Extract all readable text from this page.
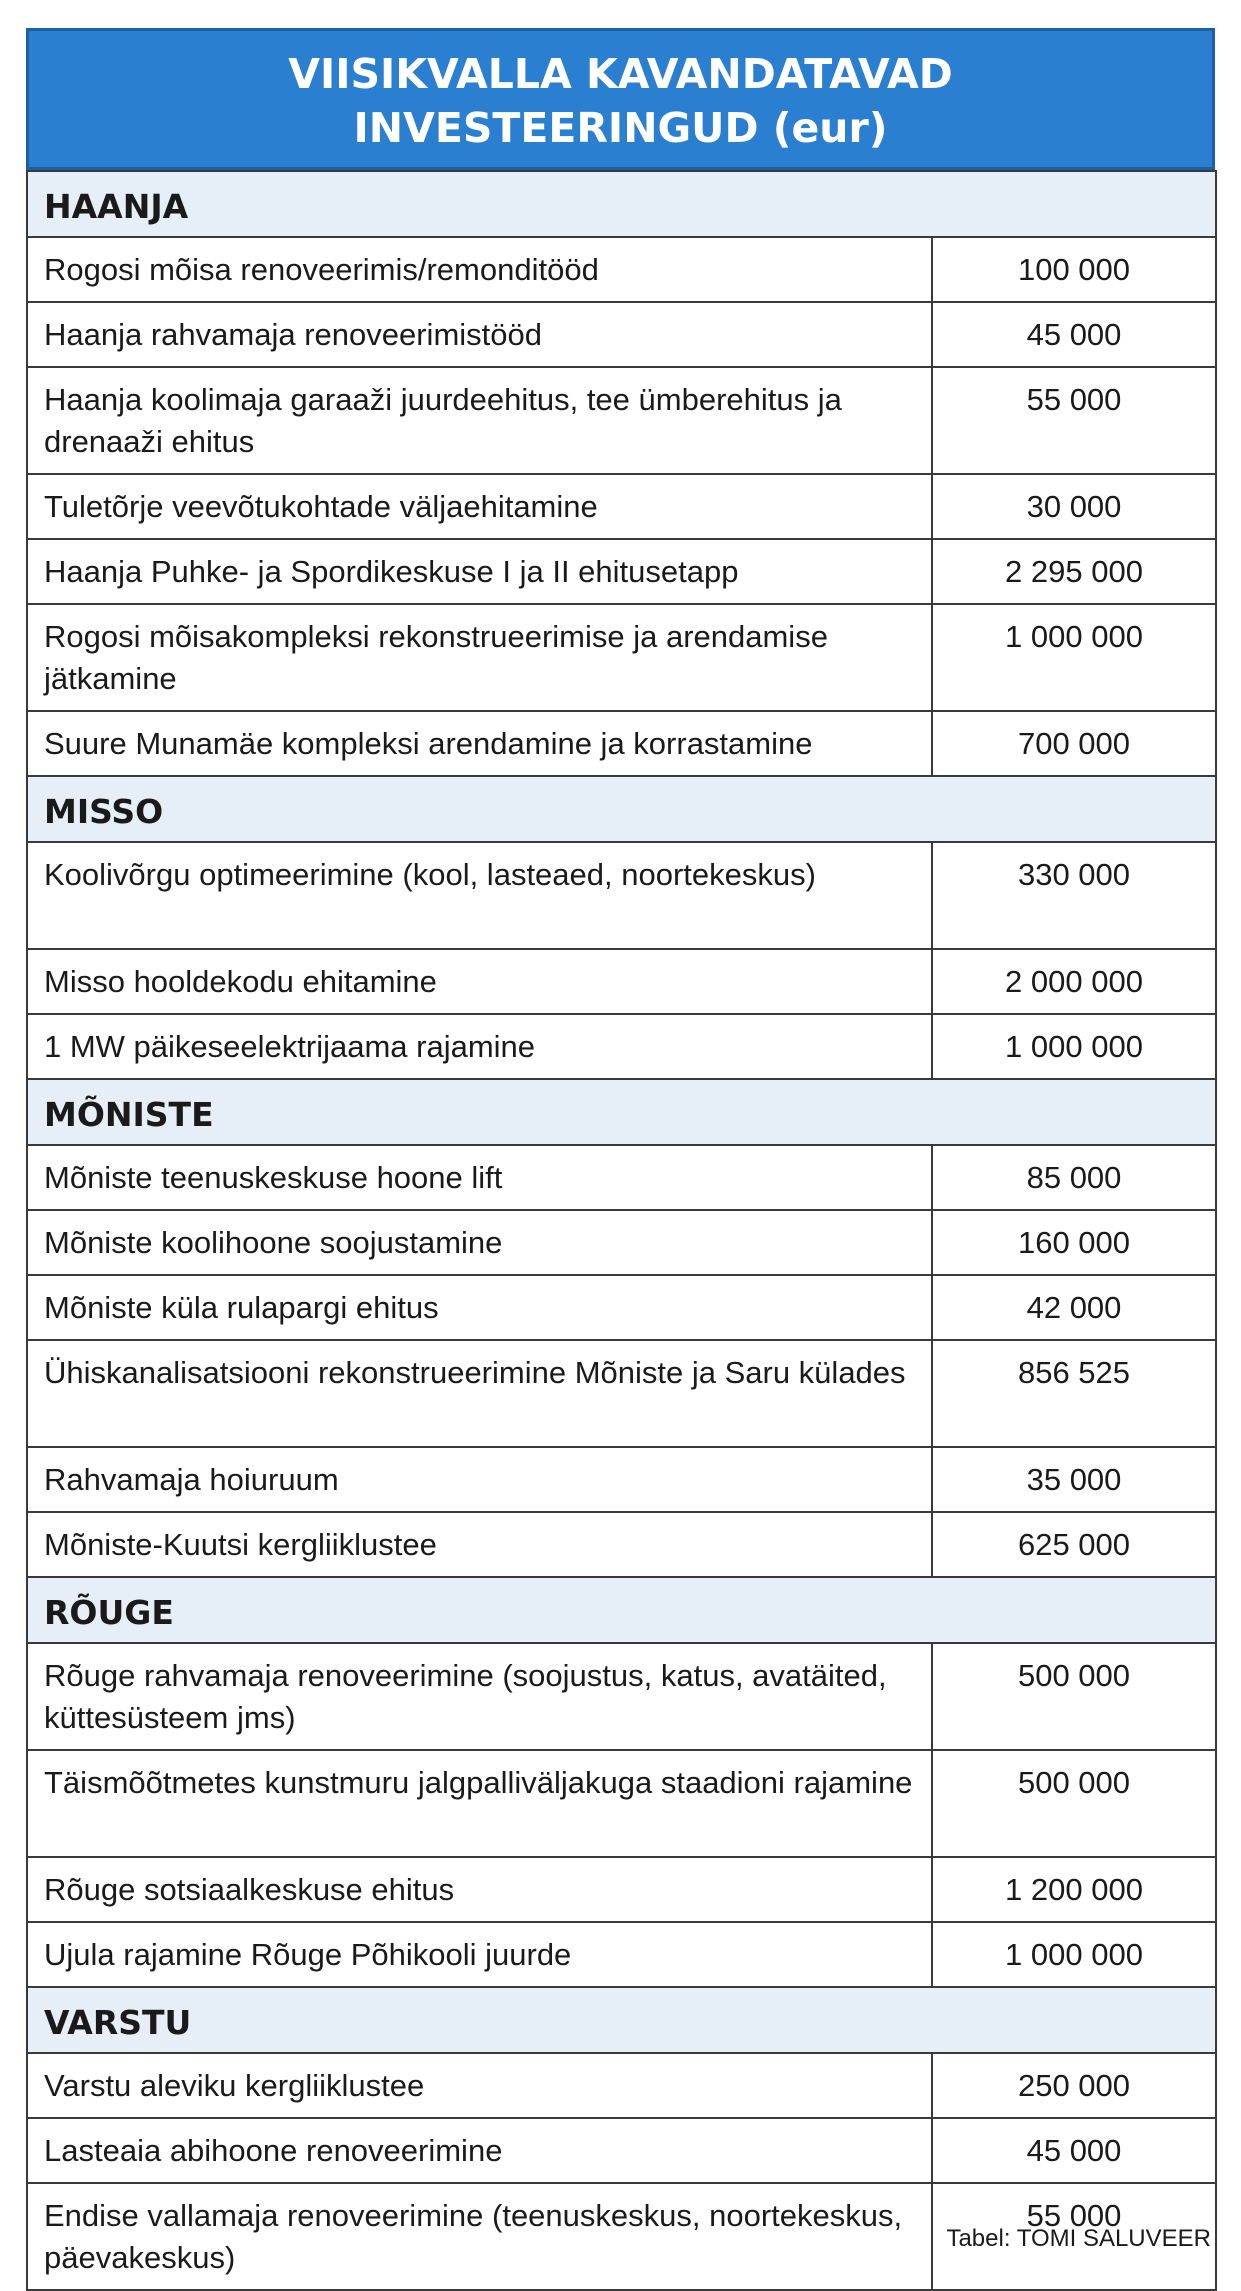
VIISIKVALLA KAVANDATAVAD
INVESTEERINGUD (eur)
HAANJA	
Rogosi mõisa renoveerimis/remonditööd	100 000
Haanja rahvamaja renoveerimistööd	45 000
Haanja koolimaja garaaži juurdeehitus, tee ümberehitus ja drenaaži ehitus	55 000
Tuletõrje veevõtukohtade väljaehitamine	30 000
Haanja Puhke- ja Spordikeskuse I ja II ehitusetapp	2 295 000
Rogosi mõisakompleksi rekonstrueerimise ja arendamise jätkamine	1 000 000
Suure Munamäe kompleksi arendamine ja korrastamine	700 000
MISSO	
Koolivõrgu optimeerimine (kool, lasteaed, noortekeskus)	330 000
Misso hooldekodu ehitamine	2 000 000
1 MW päikeseelektrijaama rajamine	1 000 000
MÕNISTE	
Mõniste teenuskeskuse hoone lift	85 000
Mõniste koolihoone soojustamine	160 000
Mõniste küla rulapargi ehitus	42 000
Ühiskanalisatsiooni rekonstrueerimine Mõniste ja Saru külades	856 525
Rahvamaja hoiuruum	35 000
Mõniste-Kuutsi kergliiklustee	625 000
RÕUGE	
Rõuge rahvamaja renoveerimine (soojustus, katus, avatäited, küttesüsteem jms)	500 000
Täismõõtmetes kunstmuru jalgpalliväljakuga staadioni rajamine	500 000
Rõuge sotsiaalkeskuse ehitus	1 200 000
Ujula rajamine Rõuge Põhikooli juurde	1 000 000
VARSTU	
Varstu aleviku kergliiklustee	250 000
Lasteaia abihoone renoveerimine	45 000
Endise vallamaja renoveerimine (teenuskeskus, noortekeskus, päevakeskus)	55 000
Tabel: TOMI SALUVEER
